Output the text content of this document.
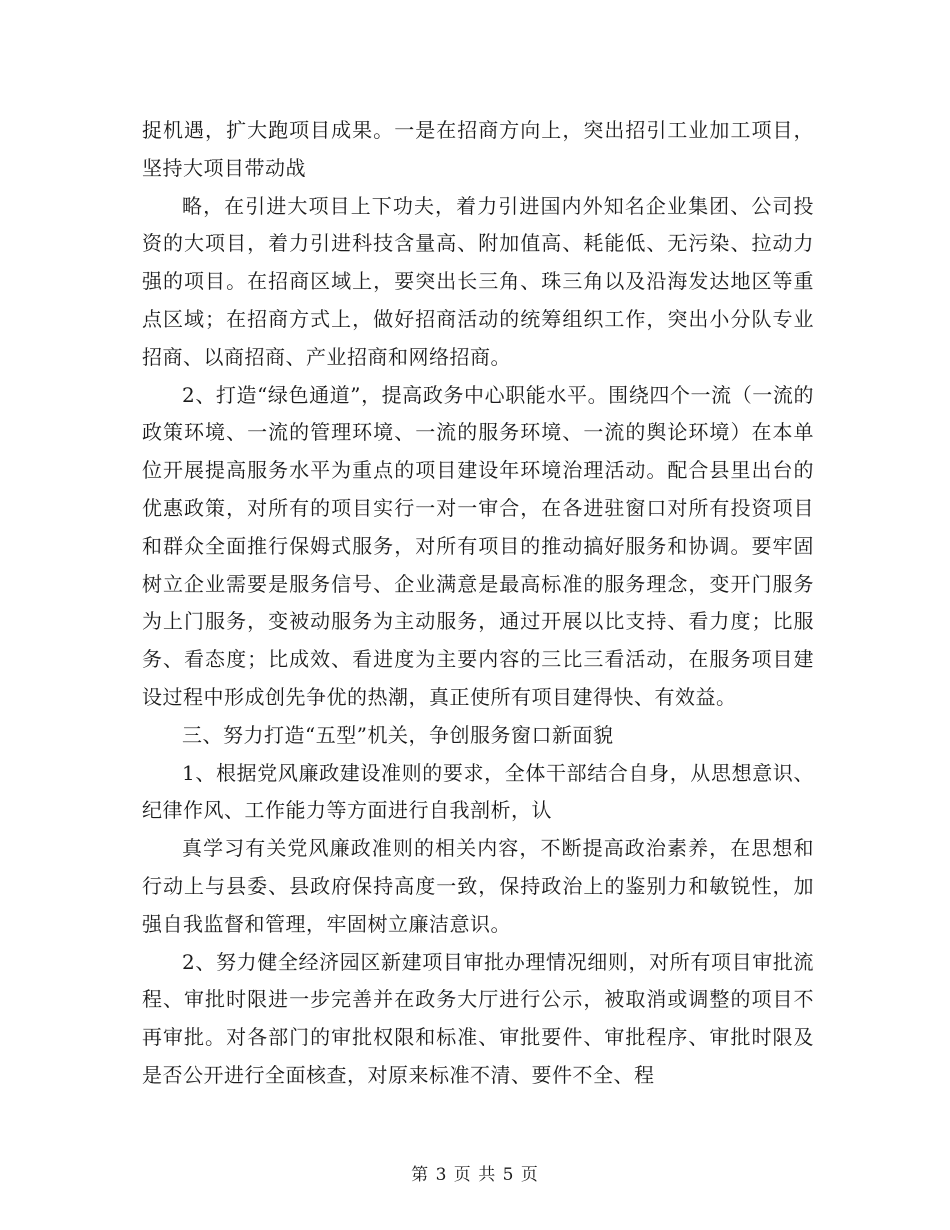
捉机遇，扩大跑项目成果。一是在招商方向上，突出招引工业加工项目，坚持大项目带动战

略，在引进大项目上下功夫，着力引进国内外知名企业集团、公司投资的大项目，着力引进科技含量高、附加值高、耗能低、无污染、拉动力强的项目。在招商区域上，要突出长三角、珠三角以及沿海发达地区等重点区域；在招商方式上，做好招商活动的统筹组织工作，突出小分队专业招商、以商招商、产业招商和网络招商。

2、打造“绿色通道”，提高政务中心职能水平。围绕四个一流（一流的政策环境、一流的管理环境、一流的服务环境、一流的舆论环境）在本单位开展提高服务水平为重点的项目建设年环境治理活动。配合县里出台的优惠政策，对所有的项目实行一对一审合，在各进驻窗口对所有投资项目和群众全面推行保姆式服务，对所有项目的推动搞好服务和协调。要牢固树立企业需要是服务信号、企业满意是最高标准的服务理念，变开门服务为上门服务，变被动服务为主动服务，通过开展以比支持、看力度；比服务、看态度；比成效、看进度为主要内容的三比三看活动，在服务项目建设过程中形成创先争优的热潮，真正使所有项目建得快、有效益。

三、努力打造“五型”机关，争创服务窗口新面貌

1、根据党风廉政建设准则的要求，全体干部结合自身，从思想意识、纪律作风、工作能力等方面进行自我剖析，认

真学习有关党风廉政准则的相关内容，不断提高政治素养，在思想和行动上与县委、县政府保持高度一致，保持政治上的鉴别力和敏锐性，加强自我监督和管理，牢固树立廉洁意识。

2、努力健全经济园区新建项目审批办理情况细则，对所有项目审批流程、审批时限进一步完善并在政务大厅进行公示，被取消或调整的项目不再审批。对各部门的审批权限和标准、审批要件、审批程序、审批时限及是否公开进行全面核查，对原来标准不清、要件不全、程

第 3 页 共 5 页
